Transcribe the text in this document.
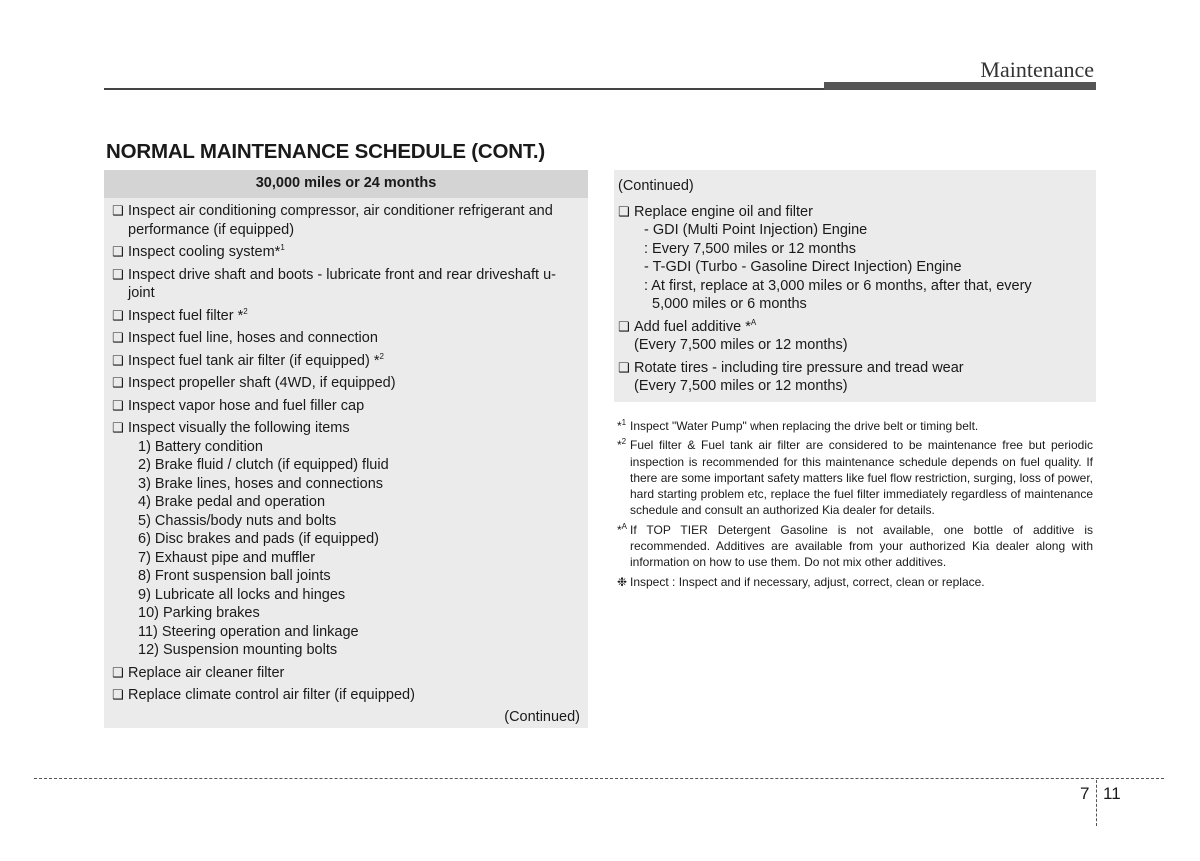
Maintenance
NORMAL MAINTENANCE SCHEDULE (CONT.)
30,000 miles or 24 months
❑ Inspect air conditioning compressor, air conditioner refrigerant and performance (if equipped)
❑ Inspect cooling system*$^1$
❑ Inspect drive shaft and boots - lubricate front and rear driveshaft u-joint
❑ Inspect fuel filter *$^2$
❑ Inspect fuel line, hoses and connection
❑ Inspect fuel tank air filter (if equipped) *$^2$
❑ Inspect propeller shaft (4WD, if equipped)
❑ Inspect vapor hose and fuel filler cap
❑ Inspect visually the following items
1) Battery condition
2) Brake fluid / clutch (if equipped) fluid
3) Brake lines, hoses and connections
4) Brake pedal and operation
5) Chassis/body nuts and bolts
6) Disc brakes and pads (if equipped)
7) Exhaust pipe and muffler
8) Front suspension ball joints
9) Lubricate all locks and hinges
10) Parking brakes
11) Steering operation and linkage
12) Suspension mounting bolts
❑ Replace air cleaner filter
❑ Replace climate control air filter (if equipped)
(Continued)
(Continued)
❑ Replace engine oil and filter
- GDI (Multi Point Injection) Engine
: Every 7,500 miles or 12 months
- T-GDI (Turbo - Gasoline Direct Injection) Engine
: At first, replace at 3,000 miles or 6 months, after that, every
5,000 miles or 6 months
❑ Add fuel additive *$^A$
(Every 7,500 miles or 12 months)
❑ Rotate tires - including tire pressure and tread wear
(Every 7,500 miles or 12 months)
*$^1$ Inspect "Water Pump" when replacing the drive belt or timing belt.
*$^2$ Fuel filter & Fuel tank air filter are considered to be maintenance free but periodic inspection is recommended for this maintenance schedule depends on fuel quality. If there are some important safety matters like fuel flow restriction, surging, loss of power, hard starting problem etc, replace the fuel filter immediately regardless of maintenance schedule and consult an authorized Kia dealer for details.
*$^A$ If TOP TIER Detergent Gasoline is not available, one bottle of additive is recommended. Additives are available from your authorized Kia dealer along with information on how to use them. Do not mix other additives.
❉ Inspect : Inspect and if necessary, adjust, correct, clean or replace.
7 11
